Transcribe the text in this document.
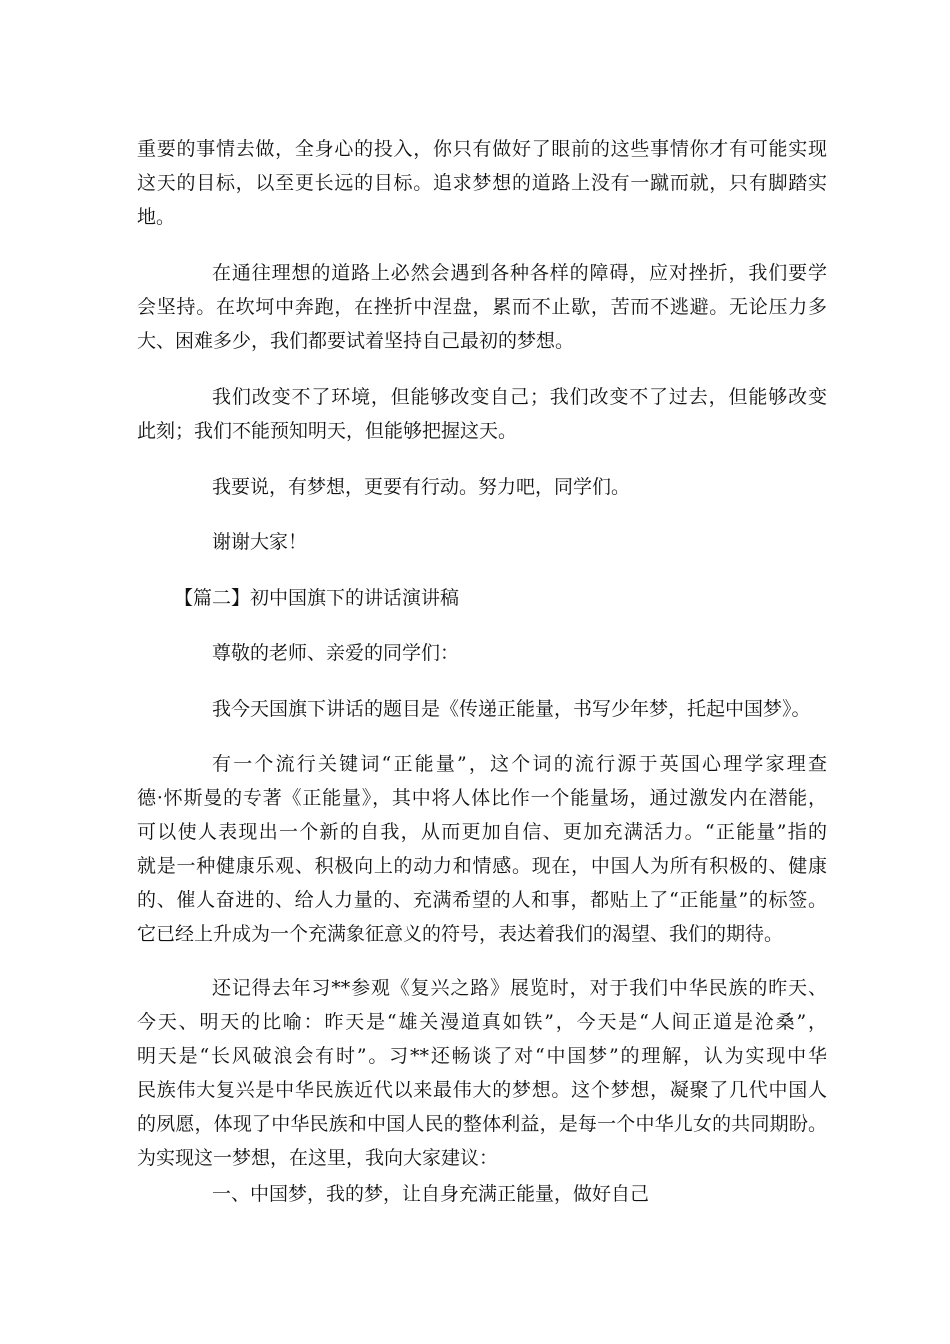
重要的事情去做，全身心的投入，你只有做好了眼前的这些事情你才有可能实现
这天的目标，以至更长远的目标。追求梦想的道路上没有一蹴而就，只有脚踏实
地。
在通往理想的道路上必然会遇到各种各样的障碍，应对挫折，我们要学
会坚持。在坎坷中奔跑，在挫折中涅盘，累而不止歇，苦而不逃避。无论压力多
大、困难多少，我们都要试着坚持自己最初的梦想。
我们改变不了环境，但能够改变自己；我们改变不了过去，但能够改变
此刻；我们不能预知明天，但能够把握这天。
我要说，有梦想，更要有行动。努力吧，同学们。
谢谢大家！
【篇二】初中国旗下的讲话演讲稿
尊敬的老师、亲爱的同学们：
我今天国旗下讲话的题目是《传递正能量，书写少年梦，托起中国梦》。
有一个流行关键词“正能量”，这个词的流行源于英国心理学家理查
德·怀斯曼的专著《正能量》，其中将人体比作一个能量场，通过激发内在潜能，
可以使人表现出一个新的自我，从而更加自信、更加充满活力。“正能量”指的
就是一种健康乐观、积极向上的动力和情感。现在，中国人为所有积极的、健康
的、催人奋进的、给人力量的、充满希望的人和事，都贴上了“正能量”的标签。
它已经上升成为一个充满象征意义的符号，表达着我们的渴望、我们的期待。
还记得去年习**参观《复兴之路》展览时，对于我们中华民族的昨天、
今天、明天的比喻：昨天是“雄关漫道真如铁”，今天是“人间正道是沧桑”，
明天是“长风破浪会有时”。习**还畅谈了对“中国梦”的理解，认为实现中华
民族伟大复兴是中华民族近代以来最伟大的梦想。这个梦想，凝聚了几代中国人
的夙愿，体现了中华民族和中国人民的整体利益，是每一个中华儿女的共同期盼。
为实现这一梦想，在这里，我向大家建议：
一、中国梦，我的梦，让自身充满正能量，做好自己
